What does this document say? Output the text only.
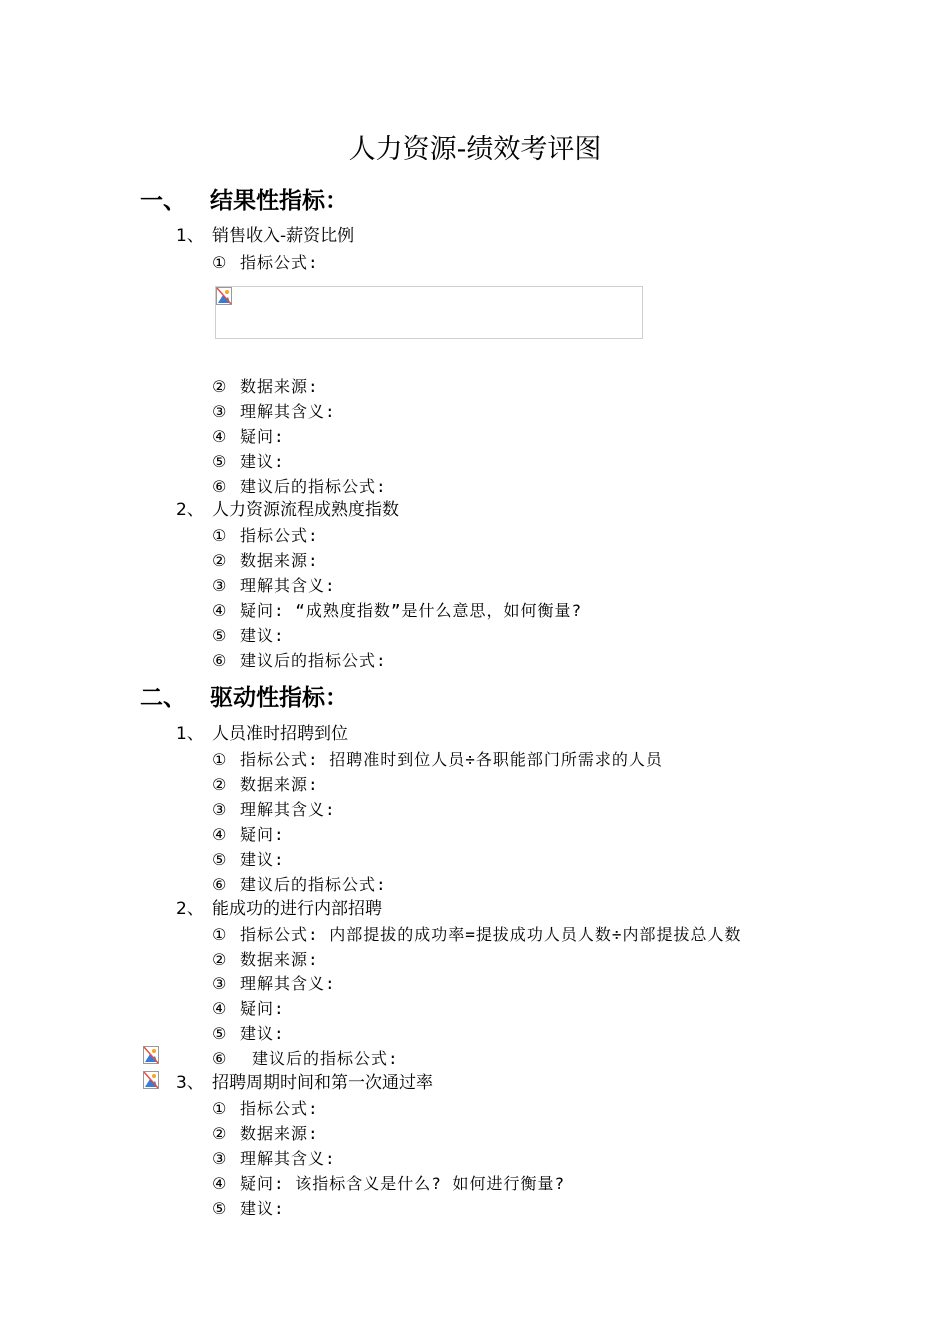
人力资源-绩效考评图
一、 结果性指标：
1、 销售收入-薪资比例
① 指标公式:
② 数据来源:
③ 理解其含义:
④ 疑问:
⑤ 建议:
⑥ 建议后的指标公式:
2、 人力资源流程成熟度指数
① 指标公式:
② 数据来源:
③ 理解其含义:
④ 疑问: “成熟度指数”是什么意思，如何衡量?
⑤ 建议:
⑥ 建议后的指标公式:
二、 驱动性指标：
1、 人员准时招聘到位
① 指标公式: 招聘准时到位人员÷各职能部门所需求的人员
② 数据来源:
③ 理解其含义:
④ 疑问:
⑤ 建议:
⑥ 建议后的指标公式:
2、 能成功的进行内部招聘
① 指标公式: 内部提拔的成功率=提拔成功人员人数÷内部提拔总人数
② 数据来源:
③ 理解其含义:
④ 疑问:
⑤ 建议:
⑥ 建议后的指标公式:
3、 招聘周期时间和第一次通过率
① 指标公式:
② 数据来源:
③ 理解其含义:
④ 疑问: 该指标含义是什么? 如何进行衡量?
⑤ 建议:
